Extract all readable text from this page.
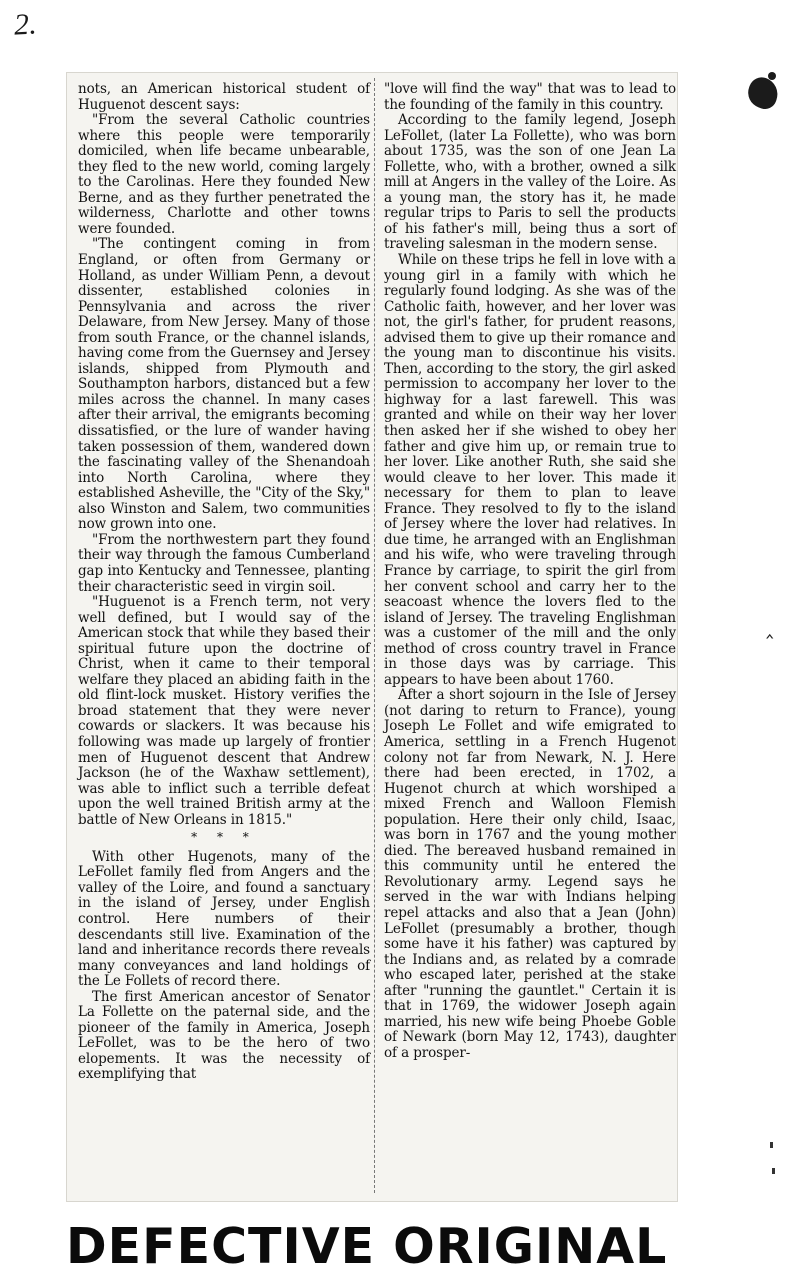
2.
‸

nots, an American historical student of Huguenot descent says:

"From the several Catholic countries where this people were temporarily domiciled, when life became unbearable, they fled to the new world, coming largely to the Carolinas. Here they founded New Berne, and as they further penetrated the wilderness, Charlotte and other towns were founded.

"The contingent coming in from England, or often from Germany or Holland, as under William Penn, a devout dissenter, established colonies in Pennsylvania and across the river Delaware, from New Jersey. Many of those from south France, or the channel islands, having come from the Guernsey and Jersey islands, shipped from Plymouth and Southampton harbors, distanced but a few miles across the channel. In many cases after their arrival, the emigrants becoming dissatisfied, or the lure of wander having taken possession of them, wandered down the fascinating valley of the Shenandoah into North Carolina, where they established Asheville, the "City of the Sky," also Winston and Salem, two communities now grown into one.

"From the northwestern part they found their way through the famous Cumberland gap into Kentucky and Tennessee, planting their characteristic seed in virgin soil.

"Huguenot is a French term, not very well defined, but I would say of the American stock that while they based their spiritual future upon the doctrine of Christ, when it came to their temporal welfare they placed an abiding faith in the old flint-lock musket. History verifies the broad statement that they were never cowards or slackers. It was because his following was made up largely of frontier men of Huguenot descent that Andrew Jackson (he of the Waxhaw settlement), was able to inflict such a terrible defeat upon the well trained British army at the battle of New Orleans in 1815."

* * *

With other Hugenots, many of the LeFollet family fled from Angers and the valley of the Loire, and found a sanctuary in the island of Jersey, under English control. Here numbers of their descendants still live. Examination of the land and inheritance records there reveals many conveyances and land holdings of the Le Follets of record there.

The first American ancestor of Senator La Follette on the paternal side, and the pioneer of the family in America, Joseph LeFollet, was to be the hero of two elopements. It was the necessity of exemplifying that

"love will find the way" that was to lead to the founding of the family in this country.

According to the family legend, Joseph LeFollet, (later La Follette), who was born about 1735, was the son of one Jean La Follette, who, with a brother, owned a silk mill at Angers in the valley of the Loire. As a young man, the story has it, he made regular trips to Paris to sell the products of his father's mill, being thus a sort of traveling salesman in the modern sense.

While on these trips he fell in love with a young girl in a family with which he regularly found lodging. As she was of the Catholic faith, however, and her lover was not, the girl's father, for prudent reasons, advised them to give up their romance and the young man to discontinue his visits. Then, according to the story, the girl asked permission to accompany her lover to the highway for a last farewell. This was granted and while on their way her lover then asked her if she wished to obey her father and give him up, or remain true to her lover. Like another Ruth, she said she would cleave to her lover. This made it necessary for them to plan to leave France. They resolved to fly to the island of Jersey where the lover had relatives. In due time, he arranged with an Englishman and his wife, who were traveling through France by carriage, to spirit the girl from her convent school and carry her to the seacoast whence the lovers fled to the island of Jersey. The traveling Englishman was a customer of the mill and the only method of cross country travel in France in those days was by carriage. This appears to have been about 1760.

After a short sojourn in the Isle of Jersey (not daring to return to France), young Joseph Le Follet and wife emigrated to America, settling in a French Hugenot colony not far from Newark, N. J. Here there had been erected, in 1702, a Hugenot church at which worshiped a mixed French and Walloon Flemish population. Here their only child, Isaac, was born in 1767 and the young mother died. The bereaved husband remained in this community until he entered the Revolutionary army. Legend says he served in the war with Indians helping repel attacks and also that a Jean (John) LeFollet (presumably a brother, though some have it his father) was captured by the Indians and, as related by a comrade who escaped later, perished at the stake after "running the gauntlet." Certain it is that in 1769, the widower Joseph again married, his new wife being Phoebe Goble of Newark (born May 12, 1743), daughter of a prosper-

DEFECTIVE ORIGINAL
